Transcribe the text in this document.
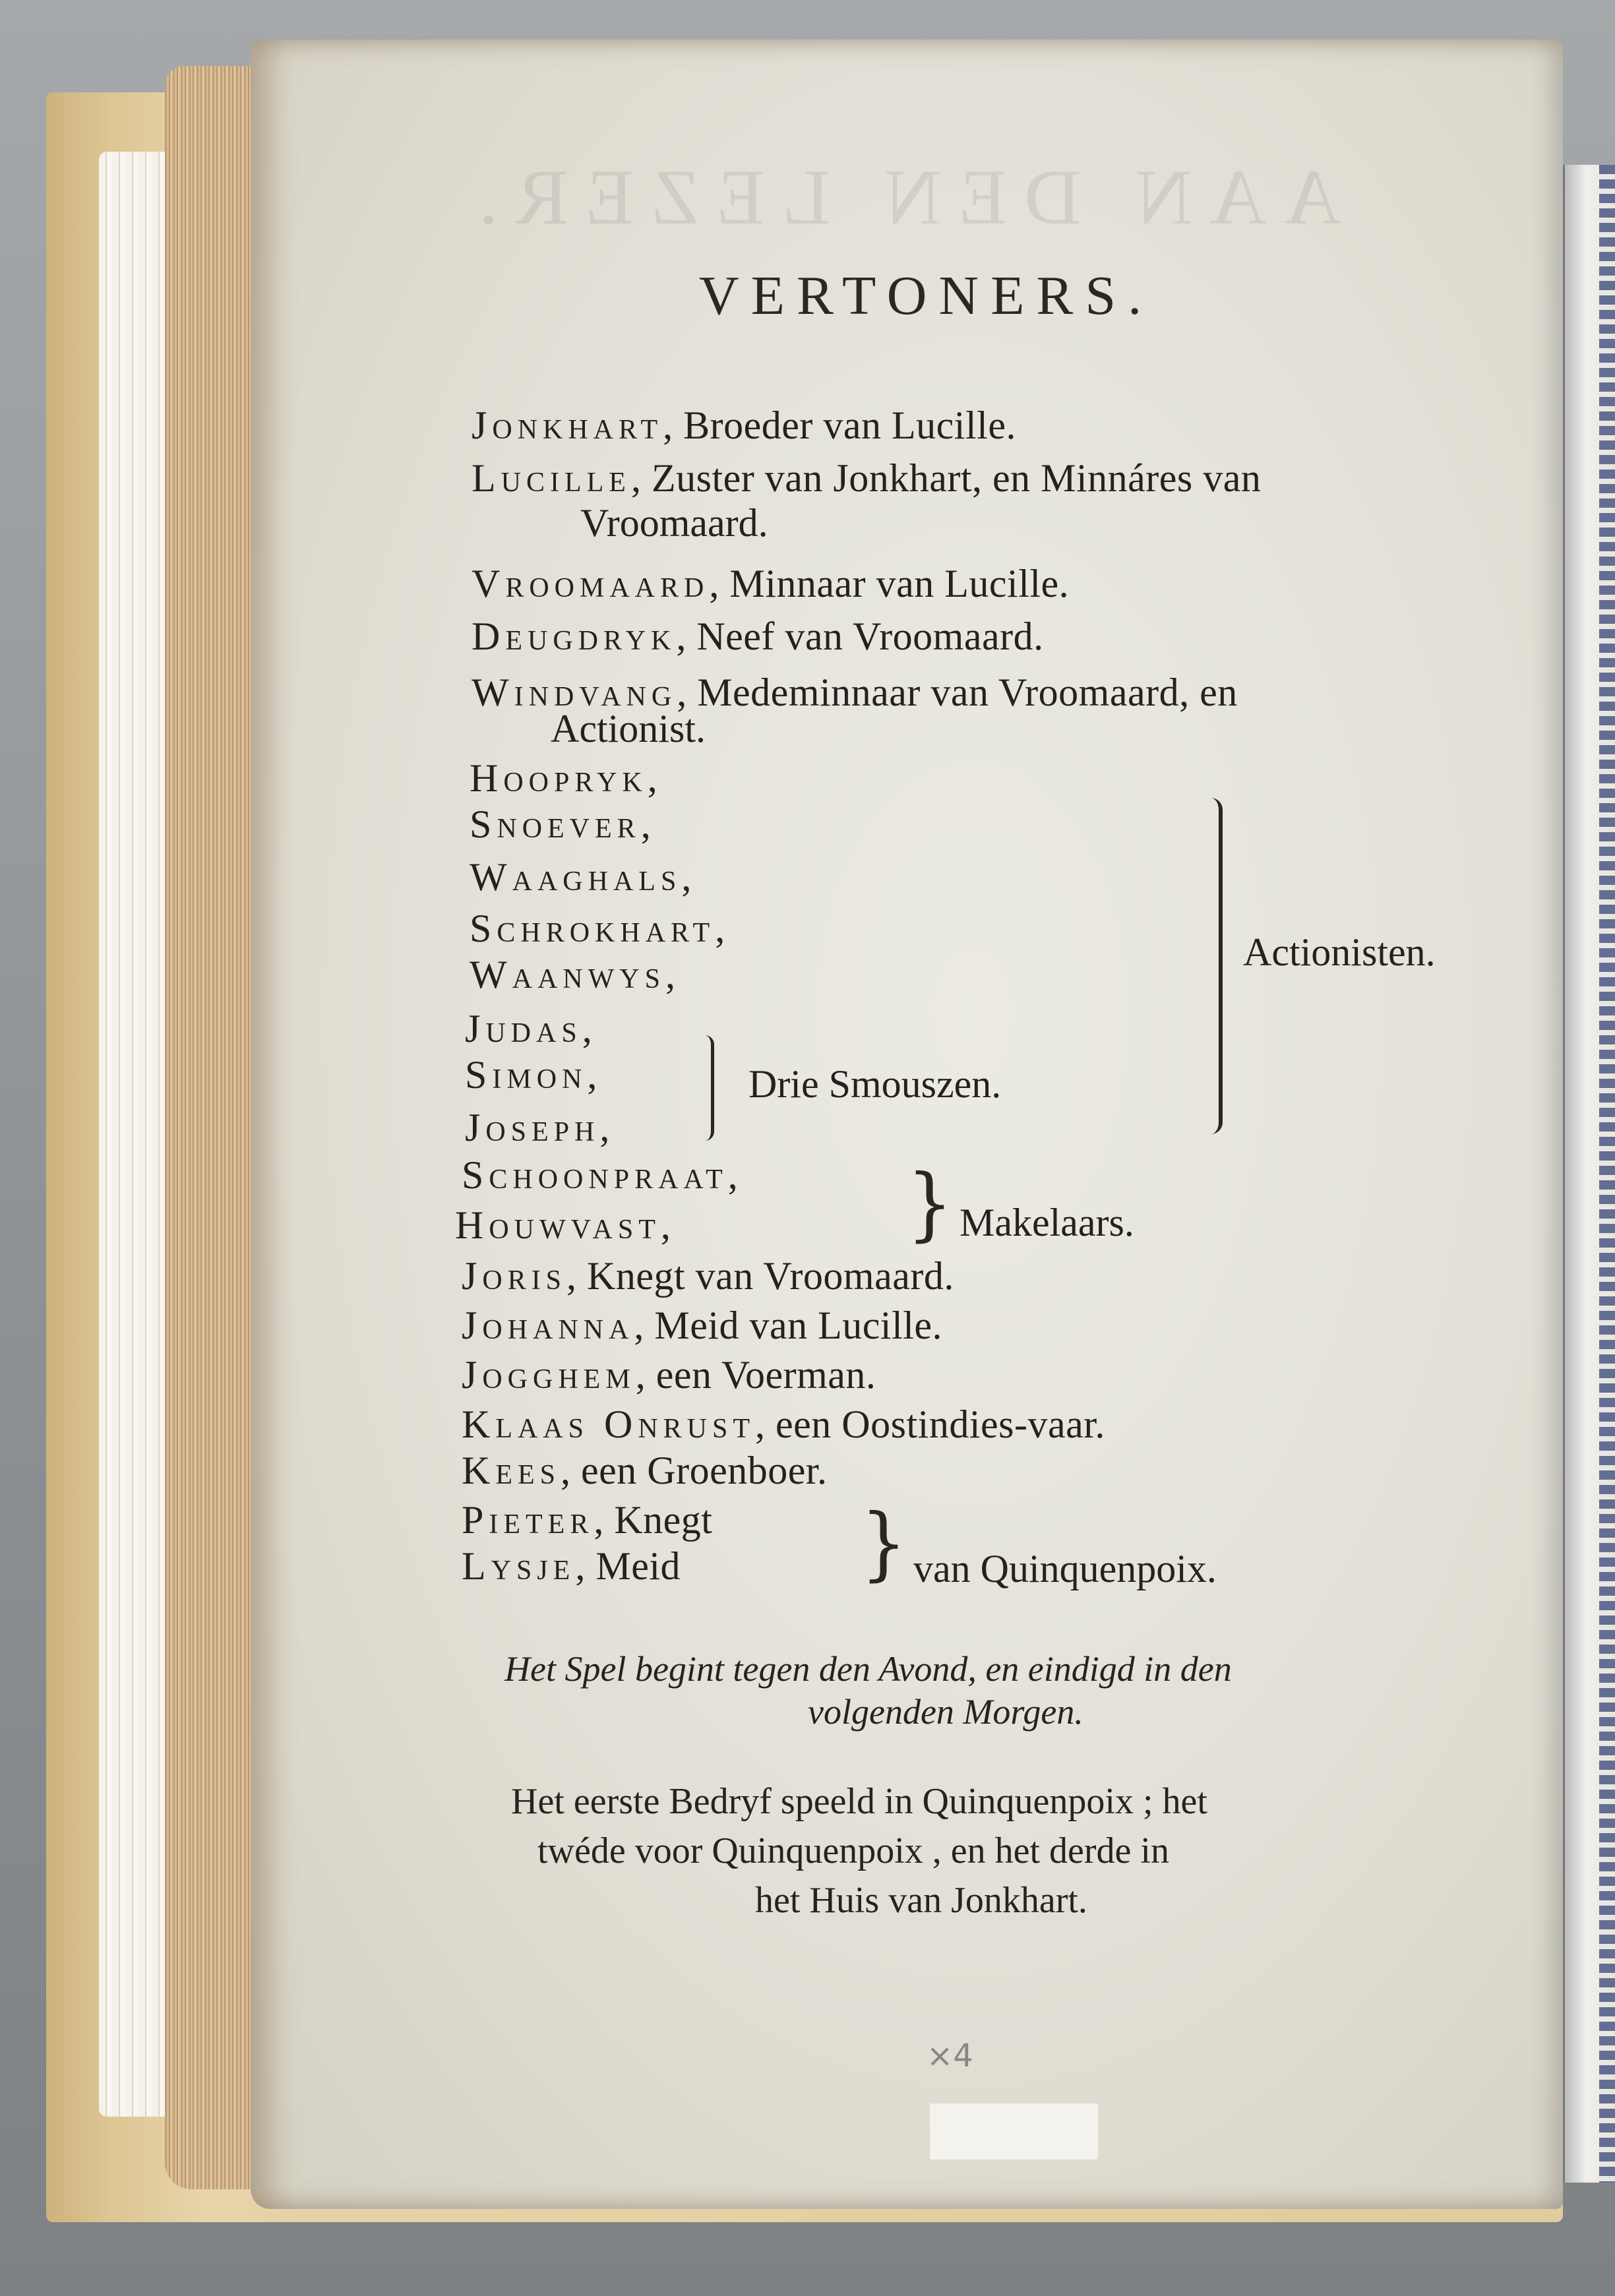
AAN DEN LEZER.
VERTONERS.
Jonkhart, Broeder van Lucille.
Lucille, Zuster van Jonkhart, en Minnáres van
Vroomaard.
Vroomaard, Minnaar van Lucille.
Deugdryk, Neef van Vroomaard.
Windvang, Medeminnaar van Vroomaard, en
Actionist.
Hoopryk,
Snoever,
Waaghals,
Schrokhart,
Waanwys,
Judas,
Simon,
Joseph,
Schoonpraat,
Houwvast,
Joris, Knegt van Vroomaard.
Johanna, Meid van Lucille.
Jogghem, een Voerman.
Klaas Onrust, een Oostindies-vaar.
Kees, een Groenboer.
Pieter, Knegt
Lysje, Meid
Actionisten.
Drie Smouszen.
} Makelaars.
} van Quinquenpoix.
Het Spel begint tegen den Avond, en eindigd in den
volgenden Morgen.
Het eerste Bedryf speeld in Quinquenpoix ; het
twéde voor Quinquenpoix , en het derde in
het Huis van Jonkhart.
×4
